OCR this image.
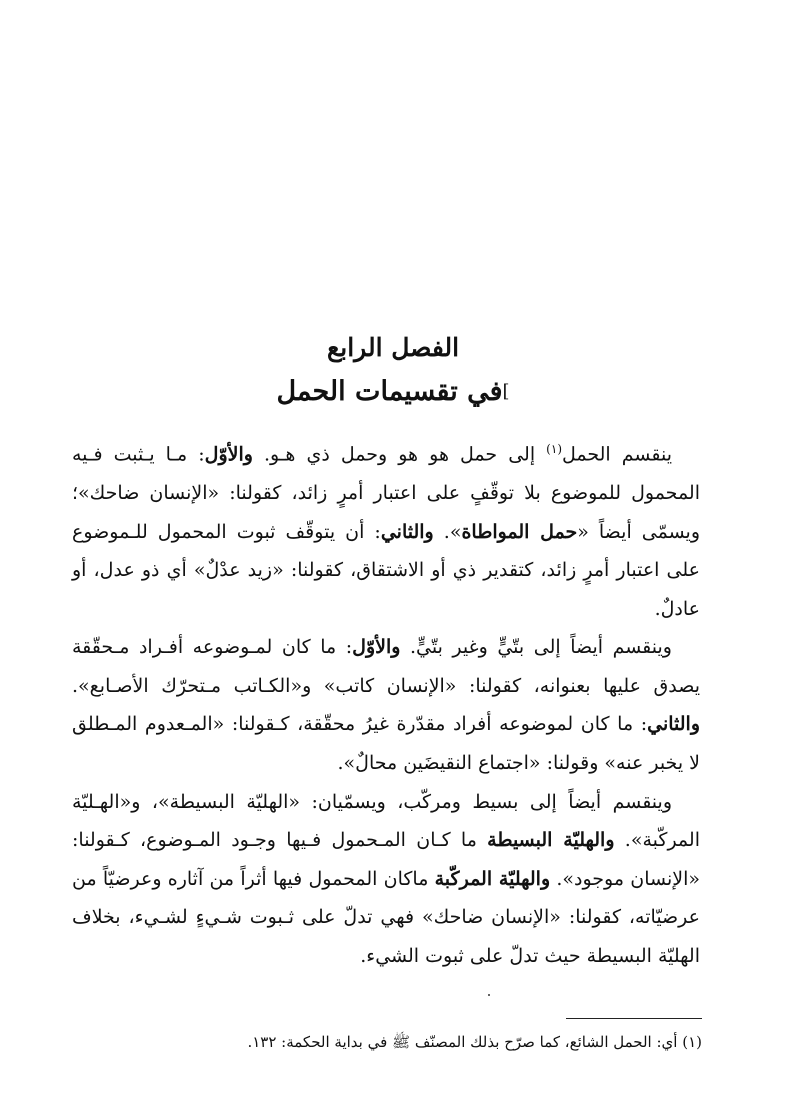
الفصل الرابع
]في تقسيمات الحمل

ينقسم الحمل$^{(١)}$ إلى حمل هو هو وحمل ذي هـو. والأوّل: مـا يـثبت فـيه المحمول للموضوع بلا توقّفٍ على اعتبار أمرٍ زائد، كقولنا: «الإنسان ضاحك»؛ ويسمّى أيضاً «حمل المواطاة». والثاني: أن يتوقّف ثبوت المحمول للـموضوع على اعتبار أمرٍ زائد، كتقدير ذي أو الاشتقاق، كقولنا: «زيد عدْلٌ» أي ذو عدل، أو عادلٌ.

وينقسم أيضاً إلى بتّيٍّ وغير بتّيٍّ. والأوّل: ما كان لمـوضوعه أفـراد مـحقّقة يصدق عليها بعنوانه، كقولنا: «الإنسان كاتب» و«الكـاتب مـتحرّك الأصـابع». والثاني: ما كان لموضوعه أفراد مقدّرة غيرُ محقّقة، كـقولنا: «المـعدوم المـطلق لا يخبر عنه» وقولنا: «اجتماع النقيضَين محالٌ».

وينقسم أيضاً إلى بسيط ومركّب، ويسمّيان: «الهليّة البسيطة»، و«الهـليّة المركّبة». والهليّة البسيطة ما كـان المـحمول فـيها وجـود المـوضوع، كـقولنا: «الإنسان موجود». والهليّة المركّبة ماكان المحمول فيها أثراً من آثاره وعرضيّاً من عرضيّاته، كقولنا: «الإنسان ضاحك» فهي تدلّ على ثـبوت شـيءٍ لشـيء، بخلاف الهليّة البسيطة حيث تدلّ على ثبوت الشيء.

(١) أي: الحمل الشائع، كما صرّح بذلك المصنّف ﷺ في بداية الحكمة: ١٣٢.
